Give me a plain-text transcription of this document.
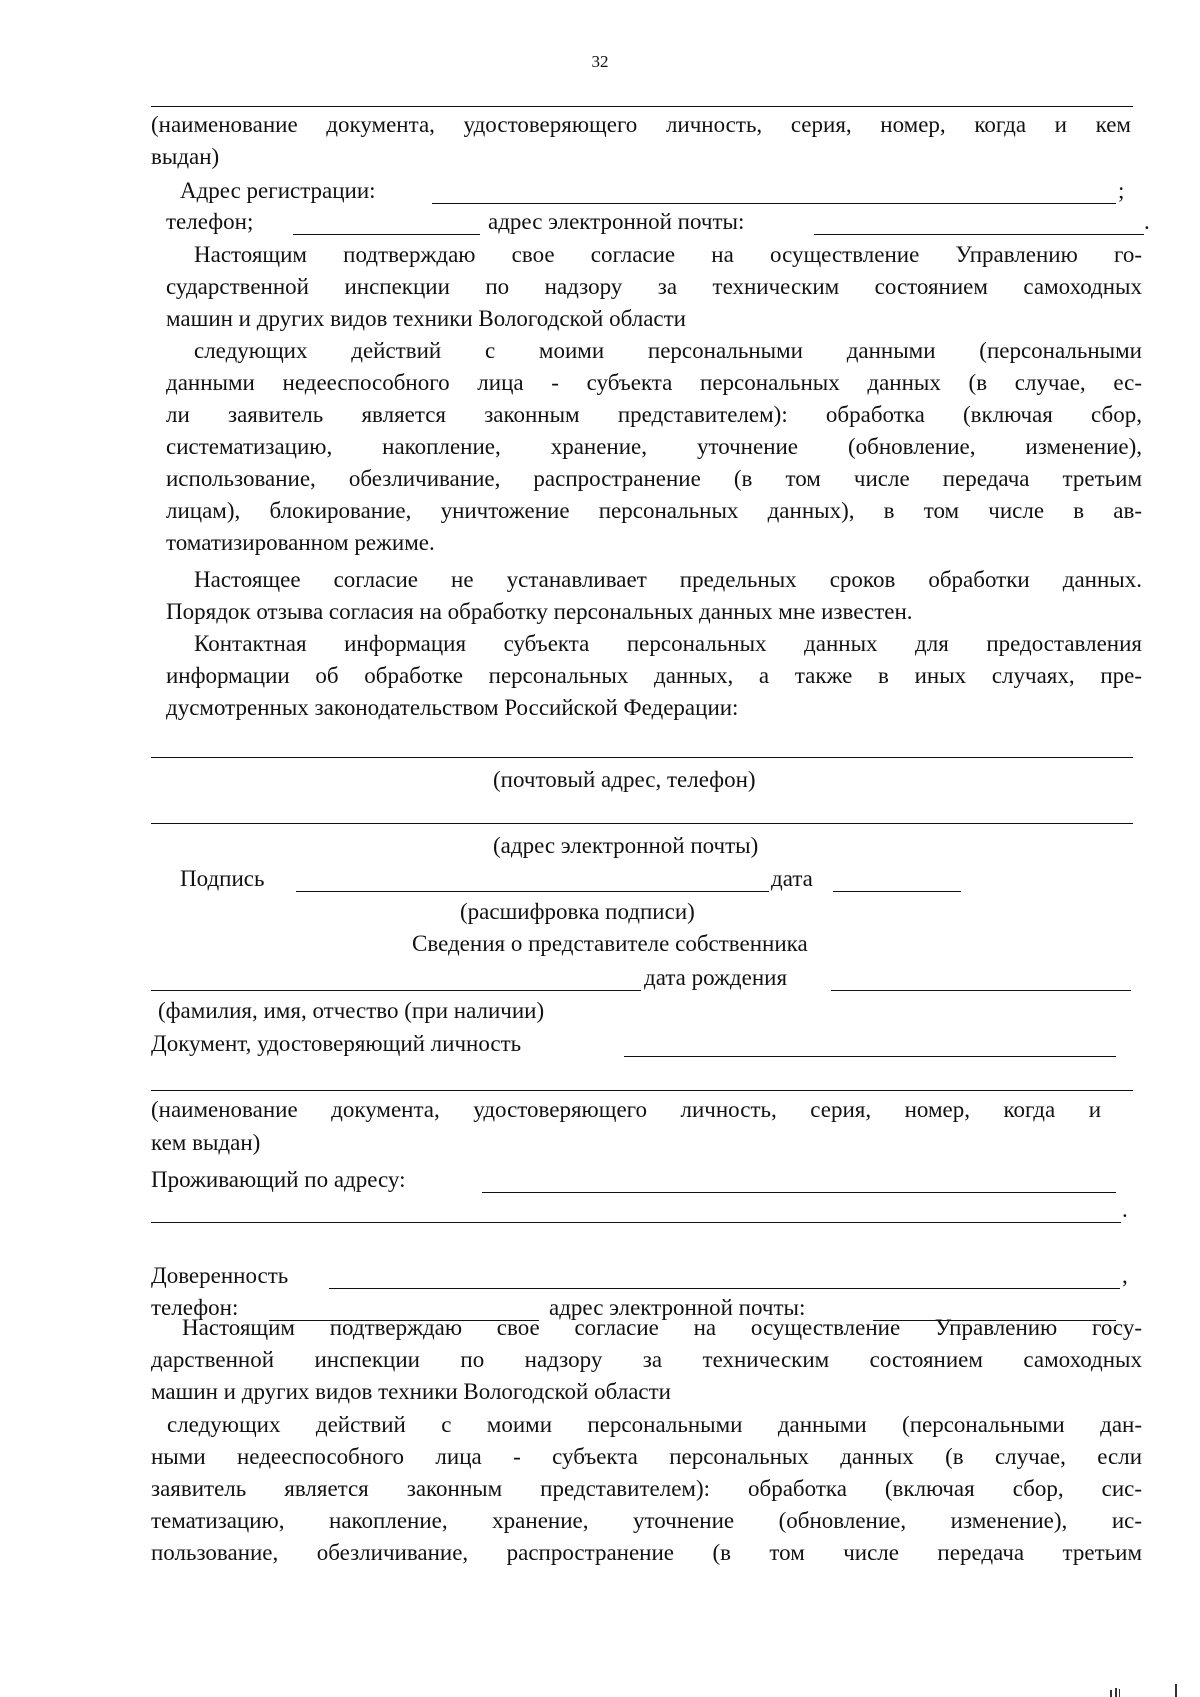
32
(наименование документа, удостоверяющего личность, серия, номер, когда и кем
выдан)
Адрес регистрации:	;
телефон;	адрес электронной почты:	.
Настоящим подтверждаю свое согласие на осуществление Управлению го-
сударственной инспекции по надзору за техническим состоянием самоходных
машин и других видов техники Вологодской области
следующих действий с моими персональными данными (персональными
данными недееспособного лица - субъекта персональных данных (в случае, ес-
ли заявитель является законным представителем): обработка (включая сбор,
систематизацию, накопление, хранение, уточнение (обновление, изменение),
использование, обезличивание, распространение (в том числе передача третьим
лицам), блокирование, уничтожение персональных данных), в том числе в ав-
томатизированном режиме.
Настоящее согласие не устанавливает предельных сроков обработки данных.
Порядок отзыва согласия на обработку персональных данных мне известен.
Контактная информация субъекта персональных данных для предоставления
информации об обработке персональных данных, а также в иных случаях, пре-
дусмотренных законодательством Российской Федерации:
(почтовый адрес, телефон)
(адрес электронной почты)
Подпись	дата
(расшифровка подписи)
Сведения о представителе собственника
дата рождения
(фамилия, имя, отчество (при наличии)
Документ, удостоверяющий личность
(наименование документа, удостоверяющего личность, серия, номер, когда и
кем выдан)
Проживающий по адресу:
.
Доверенность	,
телефон:	адрес электронной почты:
Настоящим подтверждаю свое согласие на осуществление Управлению госу-
дарственной инспекции по надзору за техническим состоянием самоходных
машин и других видов техники Вологодской области
следующих действий с моими персональными данными (персональными дан-
ными недееспособного лица - субъекта персональных данных (в случае, если
заявитель является законным представителем): обработка (включая сбор, сис-
тематизацию, накопление, хранение, уточнение (обновление, изменение), ис-
пользование, обезличивание, распространение (в том числе передача третьим
